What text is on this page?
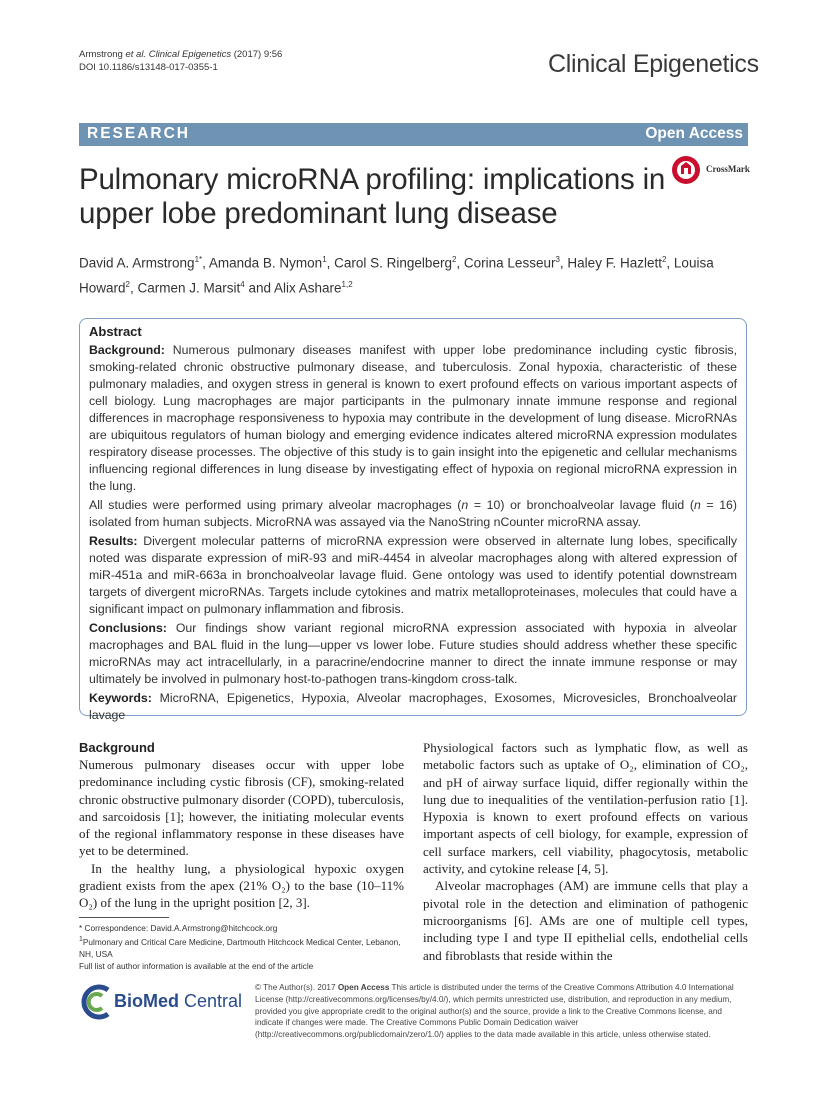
Armstrong et al. Clinical Epigenetics (2017) 9:56
DOI 10.1186/s13148-017-0355-1	Clinical Epigenetics
RESEARCH	Open Access
Pulmonary microRNA profiling: implications in upper lobe predominant lung disease
CrossMark
David A. Armstrong$^{1*}$, Amanda B. Nymon$^1$, Carol S. Ringelberg$^2$, Corina Lesseur$^3$, Haley F. Hazlett$^2$, Louisa Howard$^2$, Carmen J. Marsit$^4$ and Alix Ashare$^{1,2}$
Abstract

Background: Numerous pulmonary diseases manifest with upper lobe predominance including cystic fibrosis, smoking-related chronic obstructive pulmonary disease, and tuberculosis. Zonal hypoxia, characteristic of these pulmonary maladies, and oxygen stress in general is known to exert profound effects on various important aspects of cell biology. Lung macrophages are major participants in the pulmonary innate immune response and regional differences in macrophage responsiveness to hypoxia may contribute in the development of lung disease. MicroRNAs are ubiquitous regulators of human biology and emerging evidence indicates altered microRNA expression modulates respiratory disease processes. The objective of this study is to gain insight into the epigenetic and cellular mechanisms influencing regional differences in lung disease by investigating effect of hypoxia on regional microRNA expression in the lung.

All studies were performed using primary alveolar macrophages (n = 10) or bronchoalveolar lavage fluid (n = 16) isolated from human subjects. MicroRNA was assayed via the NanoString nCounter microRNA assay.

Results: Divergent molecular patterns of microRNA expression were observed in alternate lung lobes, specifically noted was disparate expression of miR-93 and miR-4454 in alveolar macrophages along with altered expression of miR-451a and miR-663a in bronchoalveolar lavage fluid. Gene ontology was used to identify potential downstream targets of divergent microRNAs. Targets include cytokines and matrix metalloproteinases, molecules that could have a significant impact on pulmonary inflammation and fibrosis.

Conclusions: Our findings show variant regional microRNA expression associated with hypoxia in alveolar macrophages and BAL fluid in the lung—upper vs lower lobe. Future studies should address whether these specific microRNAs may act intracellularly, in a paracrine/endocrine manner to direct the innate immune response or may ultimately be involved in pulmonary host-to-pathogen trans-kingdom cross-talk.

Keywords: MicroRNA, Epigenetics, Hypoxia, Alveolar macrophages, Exosomes, Microvesicles, Bronchoalveolar lavage

Background

Numerous pulmonary diseases occur with upper lobe predominance including cystic fibrosis (CF), smoking-related chronic obstructive pulmonary disorder (COPD), tuberculosis, and sarcoidosis [1]; however, the initiating molecular events of the regional inflammatory response in these diseases have yet to be determined.

In the healthy lung, a physiological hypoxic oxygen gradient exists from the apex (21% O₂) to the base (10–11% O₂) of the lung in the upright position [2, 3].

Physiological factors such as lymphatic flow, as well as metabolic factors such as uptake of O₂, elimination of CO₂, and pH of airway surface liquid, differ regionally within the lung due to inequalities of the ventilation-perfusion ratio [1]. Hypoxia is known to exert profound effects on various important aspects of cell biology, for example, expression of cell surface markers, cell viability, phagocytosis, metabolic activity, and cytokine release [4, 5].

Alveolar macrophages (AM) are immune cells that play a pivotal role in the detection and elimination of pathogenic microorganisms [6]. AMs are one of multiple cell types, including type I and type II epithelial cells, endothelial cells and fibroblasts that reside within the

* Correspondence: David.A.Armstrong@hitchcock.org
$^1$Pulmonary and Critical Care Medicine, Dartmouth Hitchcock Medical Center, Lebanon, NH, USA
Full list of author information is available at the end of the article
BioMed Central
© The Author(s). 2017 Open Access This article is distributed under the terms of the Creative Commons Attribution 4.0 International License (http://creativecommons.org/licenses/by/4.0/), which permits unrestricted use, distribution, and reproduction in any medium, provided you give appropriate credit to the original author(s) and the source, provide a link to the Creative Commons license, and indicate if changes were made. The Creative Commons Public Domain Dedication waiver (http://creativecommons.org/publicdomain/zero/1.0/) applies to the data made available in this article, unless otherwise stated.
